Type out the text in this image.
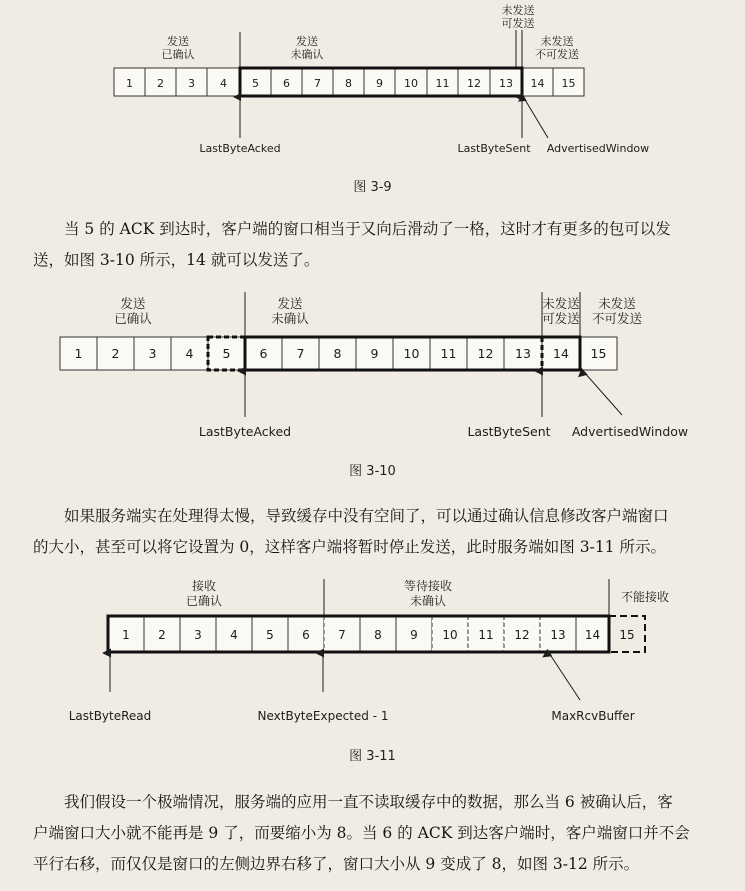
发送
已确认
发送
未确认
未发送
可发送
未发送
不可发送
1 2 3 4 5 6 7 8 9 10 11 12 13 14 15
LastByteAcked	LastByteSent AdvertisedWindow
图 3-9

当 5 的 ACK 到达时，客户端的窗口相当于又向后滑动了一格，这时才有更多的包可以发
送，如图 3-10 所示，14 就可以发送了。

发送
已确认
发送
未确认
未发送
可发送
未发送
不可发送
1 2 3 4 5 6 7 8 9 10 11 12 13 14 15
LastByteAcked	LastByteSent AdvertisedWindow
图 3-10

如果服务端实在处理得太慢，导致缓存中没有空间了，可以通过确认信息修改客户端窗口
的大小，甚至可以将它设置为 0，这样客户端将暂时停止发送，此时服务端如图 3-11 所示。

接收
已确认
等待接收
未确认	不能接收
1 2 3 4 5 6 7 8 9 10 11 12 13 14 15
LastByteRead	NextByteExpected - 1	MaxRcvBuffer
图 3-11

我们假设一个极端情况，服务端的应用一直不读取缓存中的数据，那么当 6 被确认后，客
户端窗口大小就不能再是 9 了，而要缩小为 8。当 6 的 ACK 到达客户端时，客户端窗口并不会
平行右移，而仅仅是窗口的左侧边界右移了，窗口大小从 9 变成了 8，如图 3-12 所示。
